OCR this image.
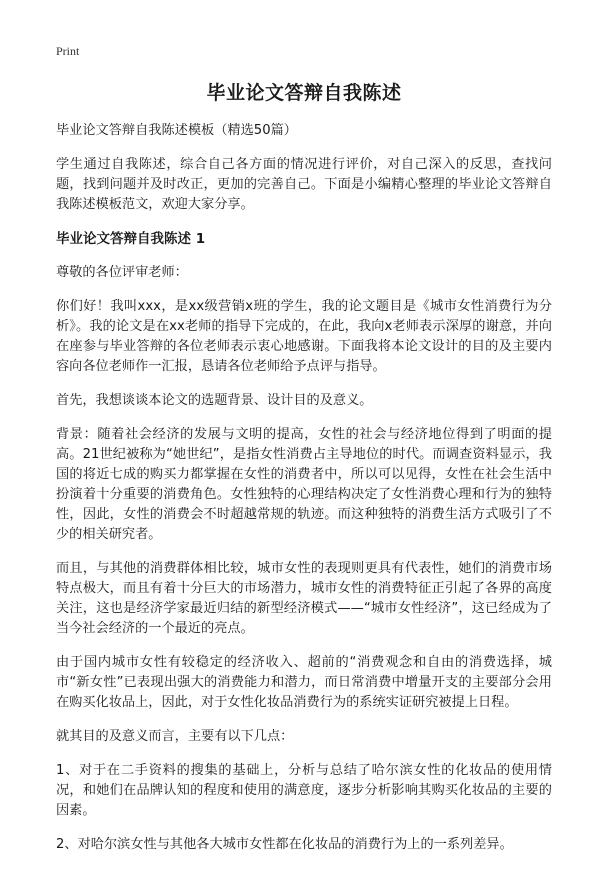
Print
毕业论文答辩自我陈述

毕业论文答辩自我陈述模板（精选50篇）

学生通过自我陈述，综合自己各方面的情况进行评价，对自己深入的反思，查找问题，找到问题并及时改正，更加的完善自己。下面是小编精心整理的毕业论文答辩自我陈述模板范文，欢迎大家分享。

毕业论文答辩自我陈述 1

尊敬的各位评审老师：

你们好！我叫xxx，是xx级营销x班的学生，我的论文题目是《城市女性消费行为分析》。我的论文是在xx老师的指导下完成的，在此，我向x老师表示深厚的谢意，并向在座参与毕业答辩的各位老师表示衷心地感谢。下面我将本论文设计的目的及主要内容向各位老师作一汇报，恳请各位老师给予点评与指导。

首先，我想谈谈本论文的选题背景、设计目的及意义。

背景：随着社会经济的发展与文明的提高，女性的社会与经济地位得到了明面的提高。21世纪被称为“她世纪”，是指女性消费占主导地位的时代。而调查资料显示，我国的将近七成的购买力都掌握在女性的消费者中，所以可以见得，女性在社会生活中扮演着十分重要的消费角色。女性独特的心理结构决定了女性消费心理和行为的独特性，因此，女性的消费会不时超越常规的轨迹。而这种独特的消费生活方式吸引了不少的相关研究者。

而且，与其他的消费群体相比较，城市女性的表现则更具有代表性，她们的消费市场特点极大，而且有着十分巨大的市场潜力，城市女性的消费特征正引起了各界的高度关注，这也是经济学家最近归结的新型经济模式——“城市女性经济”，这已经成为了当今社会经济的一个最近的亮点。

由于国内城市女性有较稳定的经济收入、超前的“消费观念和自由的消费选择，城市“新女性”已表现出强大的消费能力和潜力，而日常消费中增量开支的主要部分会用在购买化妆品上，因此，对于女性化妆品消费行为的系统实证研究被提上日程。

就其目的及意义而言，主要有以下几点：

1、对于在二手资料的搜集的基础上，分析与总结了哈尔滨女性的化妆品的使用情况，和她们在品牌认知的程度和使用的满意度，逐步分析影响其购买化妆品的主要的因素。

2、对哈尔滨女性与其他各大城市女性都在化妆品的消费行为上的一系列差异。
